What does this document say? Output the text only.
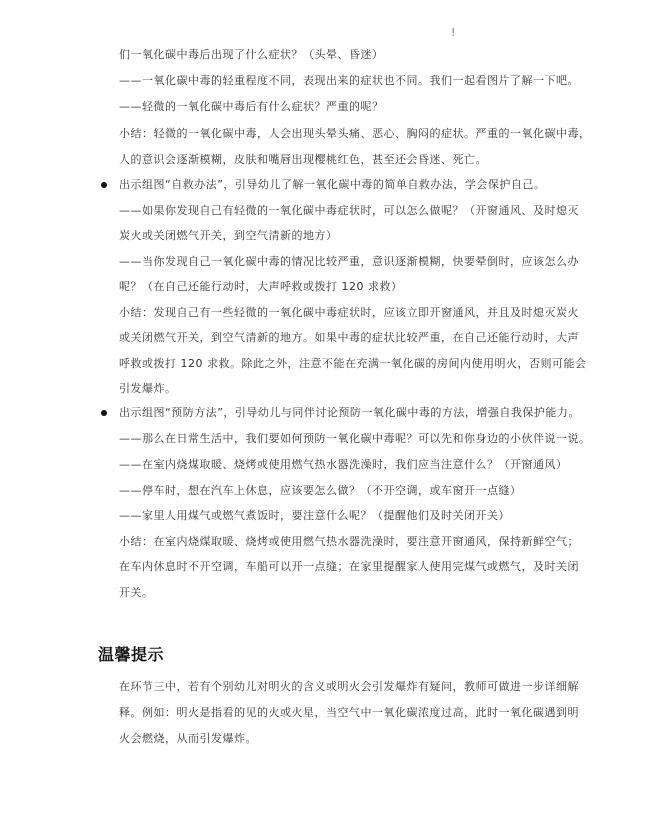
!
们一氧化碳中毒后出现了什么症状？（头晕、昏迷）
——一氧化碳中毒的轻重程度不同，表现出来的症状也不同。我们一起看图片了解一下吧。
——轻微的一氧化碳中毒后有什么症状？严重的呢？
小结：轻微的一氧化碳中毒，人会出现头晕头痛、恶心、胸闷的症状。严重的一氧化碳中毒，
人的意识会逐渐模糊，皮肤和嘴唇出现樱桃红色，甚至还会昏迷、死亡。
出示组图“自救办法”，引导幼儿了解一氧化碳中毒的简单自救办法，学会保护自己。
——如果你发现自己有轻微的一氧化碳中毒症状时，可以怎么做呢？（开窗通风、及时熄灭
炭火或关闭燃气开关，到空气清新的地方）
——当你发现自己一氧化碳中毒的情况比较严重，意识逐渐模糊，快要晕倒时，应该怎么办
呢？（在自己还能行动时，大声呼救或拨打 120 求救）
小结：发现自己有一些轻微的一氧化碳中毒症状时，应该立即开窗通风，并且及时熄灭炭火
或关闭燃气开关，到空气清新的地方。如果中毒的症状比较严重，在自己还能行动时，大声
呼救或拨打 120 求救。除此之外，注意不能在充满一氧化碳的房间内使用明火，否则可能会
引发爆炸。
出示组图“预防方法”，引导幼儿与同伴讨论预防一氧化碳中毒的方法，增强自我保护能力。
——那么在日常生活中，我们要如何预防一氧化碳中毒呢？可以先和你身边的小伙伴说一说。
——在室内烧煤取暖、烧烤或使用燃气热水器洗澡时，我们应当注意什么？（开窗通风）
——停车时，想在汽车上休息，应该要怎么做？（不开空调，或车窗开一点缝）
——家里人用煤气或燃气煮饭时，要注意什么呢？（提醒他们及时关闭开关）
小结：在室内烧煤取暖、烧烤或使用燃气热水器洗澡时，要注意开窗通风，保持新鲜空气；
在车内休息时不开空调，车船可以开一点缝；在家里提醒家人使用完煤气或燃气，及时关闭
开关。
温馨提示
在环节三中，若有个别幼儿对明火的含义或明火会引发爆炸有疑问，教师可做进一步详细解
释。例如：明火是指看的见的火或火星，当空气中一氧化碳浓度过高，此时一氧化碳遇到明
火会燃烧，从而引发爆炸。
